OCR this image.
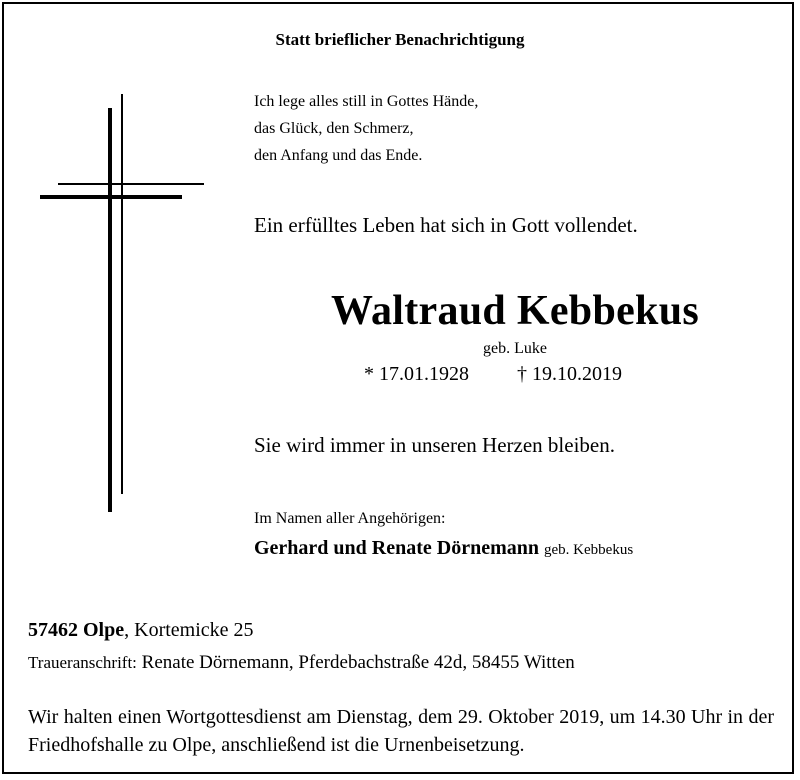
Statt brieflicher Benachrichtigung
Ich lege alles still in Gottes Hände,
das Glück, den Schmerz,
den Anfang und das Ende.
Ein erfülltes Leben hat sich in Gott vollendet.
Waltraud Kebbekus
geb. Luke
* 17.01.1928 † 19.10.2019
Sie wird immer in unseren Herzen bleiben.
Im Namen aller Angehörigen:
Gerhard und Renate Dörnemann geb. Kebbekus
57462 Olpe, Kortemicke 25
Traueranschrift: Renate Dörnemann, Pferdebachstraße 42d, 58455 Witten
Wir halten einen Wortgottesdienst am Dienstag, dem 29. Oktober 2019, um 14.30 Uhr in der Friedhofshalle zu Olpe, anschließend ist die Urnenbeisetzung.
